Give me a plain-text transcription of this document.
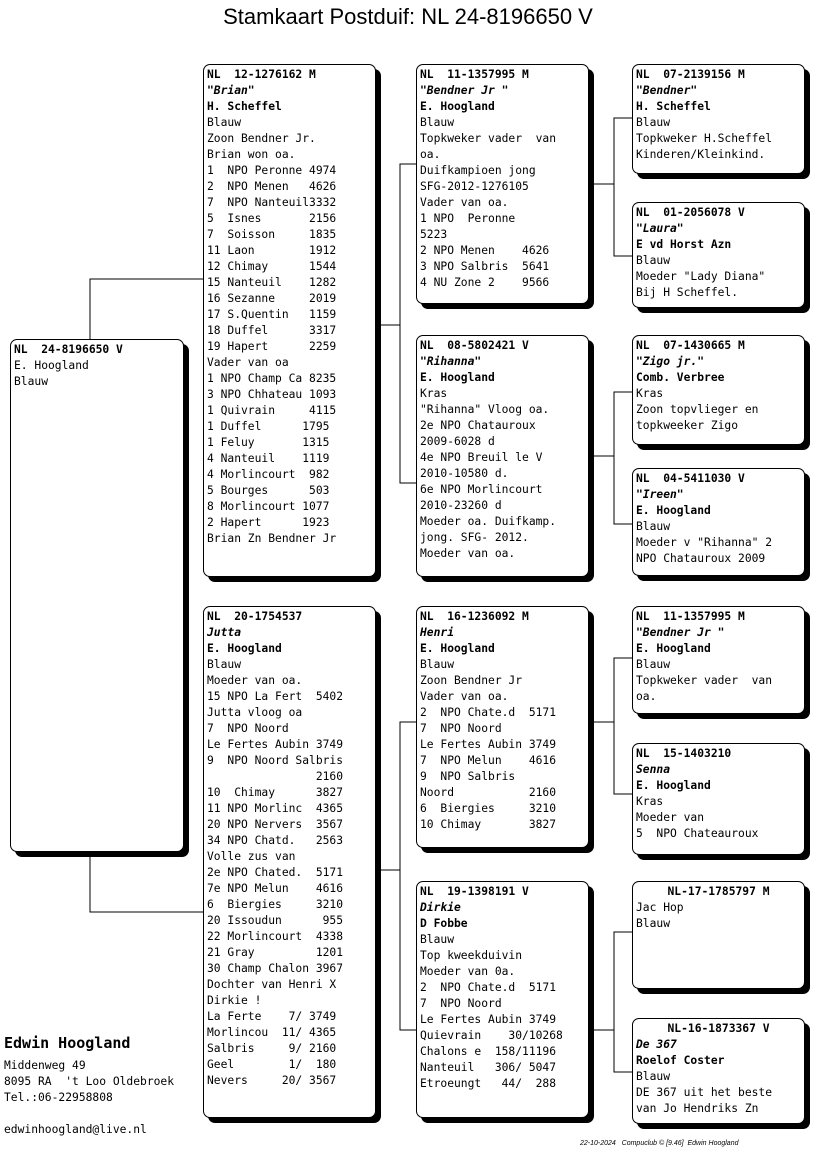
Stamkaart Postduif: NL 24-8196650 V
NL  24-8196650 V
E. Hoogland
Blauw
NL  12-1276162 M
"Brian"
H. Scheffel
Blauw
Zoon Bendner Jr.
Brian won oa.
1  NPO Peronne 4974
2  NPO Menen   4626
7  NPO Nanteuil3332
5  Isnes       2156
7  Soisson     1835
11 Laon        1912
12 Chimay      1544
15 Nanteuil    1282
16 Sezanne     2019
17 S.Quentin   1159
18 Duffel      3317
19 Hapert      2259
Vader van oa
1 NPO Champ Ca 8235
3 NPO Chhateau 1093
1 Quivrain     4115
1 Duffel      1795
1 Feluy       1315
4 Nanteuil    1119
4 Morlincourt  982
5 Bourges      503
8 Morlincourt 1077
2 Hapert      1923
Brian Zn Bendner Jr
NL  20-1754537
Jutta
E. Hoogland
Blauw
Moeder van oa.
15 NPO La Fert  5402
Jutta vloog oa
7  NPO Noord
Le Fertes Aubin 3749
9  NPO Noord Salbris
2160
10  Chimay      3827
11 NPO Morlinc  4365
20 NPO Nervers  3567
34 NPO Chatd.   2563
Volle zus van
2e NPO Chated.  5171
7e NPO Melun    4616
6  Biergies     3210
20 Issoudun      955
22 Morlincourt  4338
21 Gray         1201
30 Champ Chalon 3967
Dochter van Henri X
Dirkie !
La Ferte    7/ 3749
Morlincou  11/ 4365
Salbris     9/ 2160
Geel        1/  180
Nevers     20/ 3567
NL  11-1357995 M
"Bendner Jr "
E. Hoogland
Blauw
Topkweker vader  van
oa.
Duifkampioen jong
SFG-2012-1276105
Vader van oa.
1 NPO  Peronne
5223
2 NPO Menen    4626
3 NPO Salbris  5641
4 NU Zone 2    9566
NL  08-5802421 V
"Rihanna"
E. Hoogland
Kras
"Rihanna" Vloog oa.
2e NPO Chatauroux
2009-6028 d
4e NPO Breuil le V
2010-10580 d.
6e NPO Morlincourt
2010-23260 d
Moeder oa. Duifkamp.
jong. SFG- 2012.
Moeder van oa.
NL  16-1236092 M
Henri
E. Hoogland
Blauw
Zoon Bendner Jr
Vader van oa.
2  NPO Chate.d  5171
7  NPO Noord
Le Fertes Aubin 3749
7  NPO Melun    4616
9  NPO Salbris
Noord           2160
6  Biergies     3210
10 Chimay       3827
NL  19-1398191 V
Dirkie
D Fobbe
Blauw
Top kweekduivin
Moeder van 0a.
2  NPO Chate.d  5171
7  NPO Noord
Le Fertes Aubin 3749
Quievrain    30/10268
Chalons e  158/11196
Nanteuil   306/ 5047
Etroeungt   44/  288
NL  07-2139156 M
"Bendner"
H. Scheffel
Blauw
Topkweker H.Scheffel
Kinderen/Kleinkind.
NL  01-2056078 V
"Laura"
E vd Horst Azn
Blauw
Moeder "Lady Diana"
Bij H Scheffel.
NL  07-1430665 M
"Zigo jr."
Comb. Verbree
Kras
Zoon topvlieger en
topkweeker Zigo
NL  04-5411030 V
"Ireen"
E. Hoogland
Blauw
Moeder v "Rihanna" 2
NPO Chatauroux 2009
NL  11-1357995 M
"Bendner Jr "
E. Hoogland
Blauw
Topkweker vader  van
oa.
NL  15-1403210
Senna
E. Hoogland
Kras
Moeder van
5  NPO Chateauroux
NL-17-1785797 M
Jac Hop
Blauw
NL-16-1873367 V
De 367
Roelof Coster
Blauw
DE 367 uit het beste
van Jo Hendriks Zn
Edwin Hoogland
Middenweg 49
8095 RA  't Loo Oldebroek
Tel.:06-22958808
edwinhoogland@live.nl
22-10-2024   Compuclub © [9.46]  Edwin Hoogland
